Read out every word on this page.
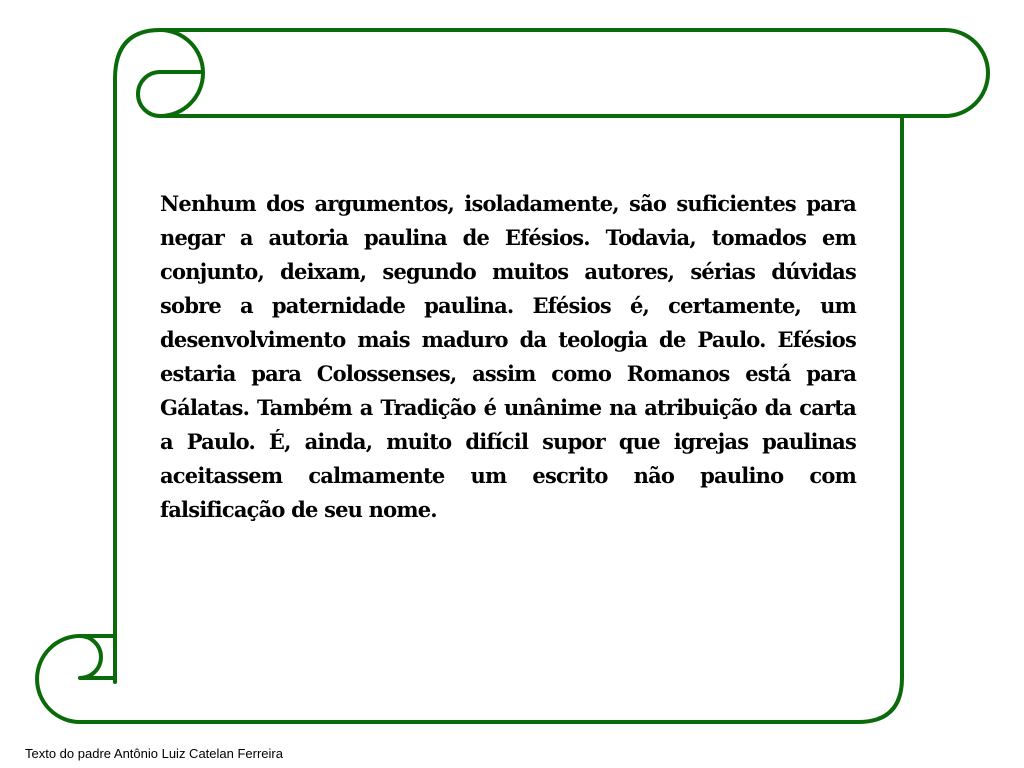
Nenhum dos argumentos, isoladamente, são suficientes para negar a autoria paulina de Efésios. Todavia, tomados em conjunto, deixam, segundo muitos autores, sérias dúvidas sobre a paternidade paulina. Efésios é, certamente, um desenvolvimento mais maduro da teologia de Paulo. Efésios estaria para Colossenses, assim como Romanos está para Gálatas. Também a Tradição é unânime na atribuição da carta a Paulo. É, ainda, muito difícil supor que igrejas paulinas aceitassem calmamente um escrito não paulino com falsificação de seu nome.

Texto do padre Antônio Luiz Catelan Ferreira
